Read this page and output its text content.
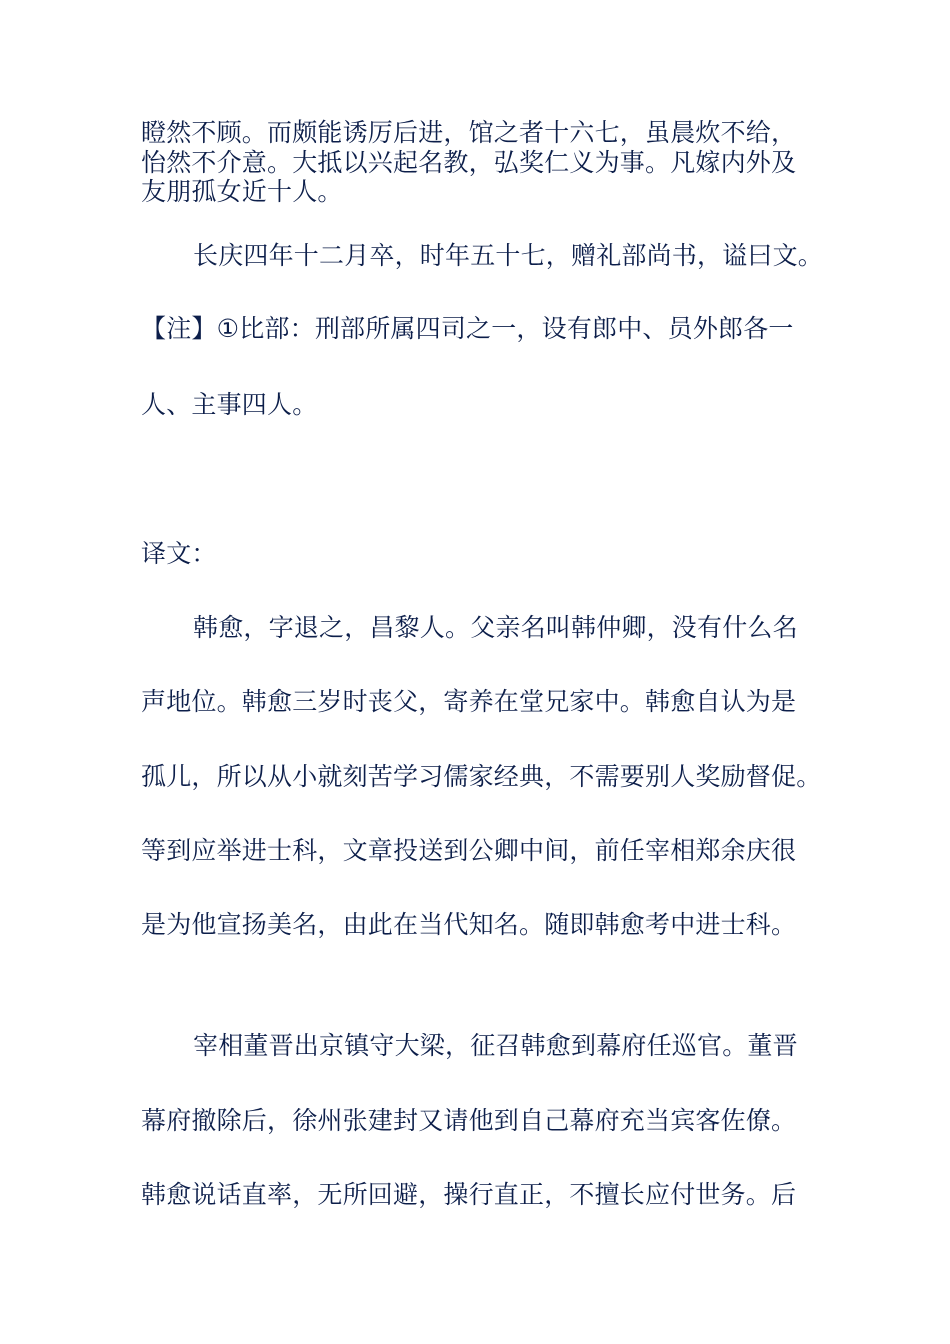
瞪然不顾。而颇能诱厉后进，馆之者十六七，虽晨炊不给，
怡然不介意。大抵以兴起名教，弘奖仁义为事。凡嫁内外及
友朋孤女近十人。
长庆四年十二月卒，时年五十七，赠礼部尚书，谥曰文。
【注】①比部：刑部所属四司之一，设有郎中、员外郎各一
人、主事四人。
译文：
韩愈，字退之，昌黎人。父亲名叫韩仲卿，没有什么名
声地位。韩愈三岁时丧父，寄养在堂兄家中。韩愈自认为是
孤儿，所以从小就刻苦学习儒家经典，不需要别人奖励督促。
等到应举进士科，文章投送到公卿中间，前任宰相郑余庆很
是为他宣扬美名，由此在当代知名。随即韩愈考中进士科。
宰相董晋出京镇守大梁，征召韩愈到幕府任巡官。董晋
幕府撤除后，徐州张建封又请他到自己幕府充当宾客佐僚。
韩愈说话直率，无所回避，操行直正，不擅长应付世务。后
